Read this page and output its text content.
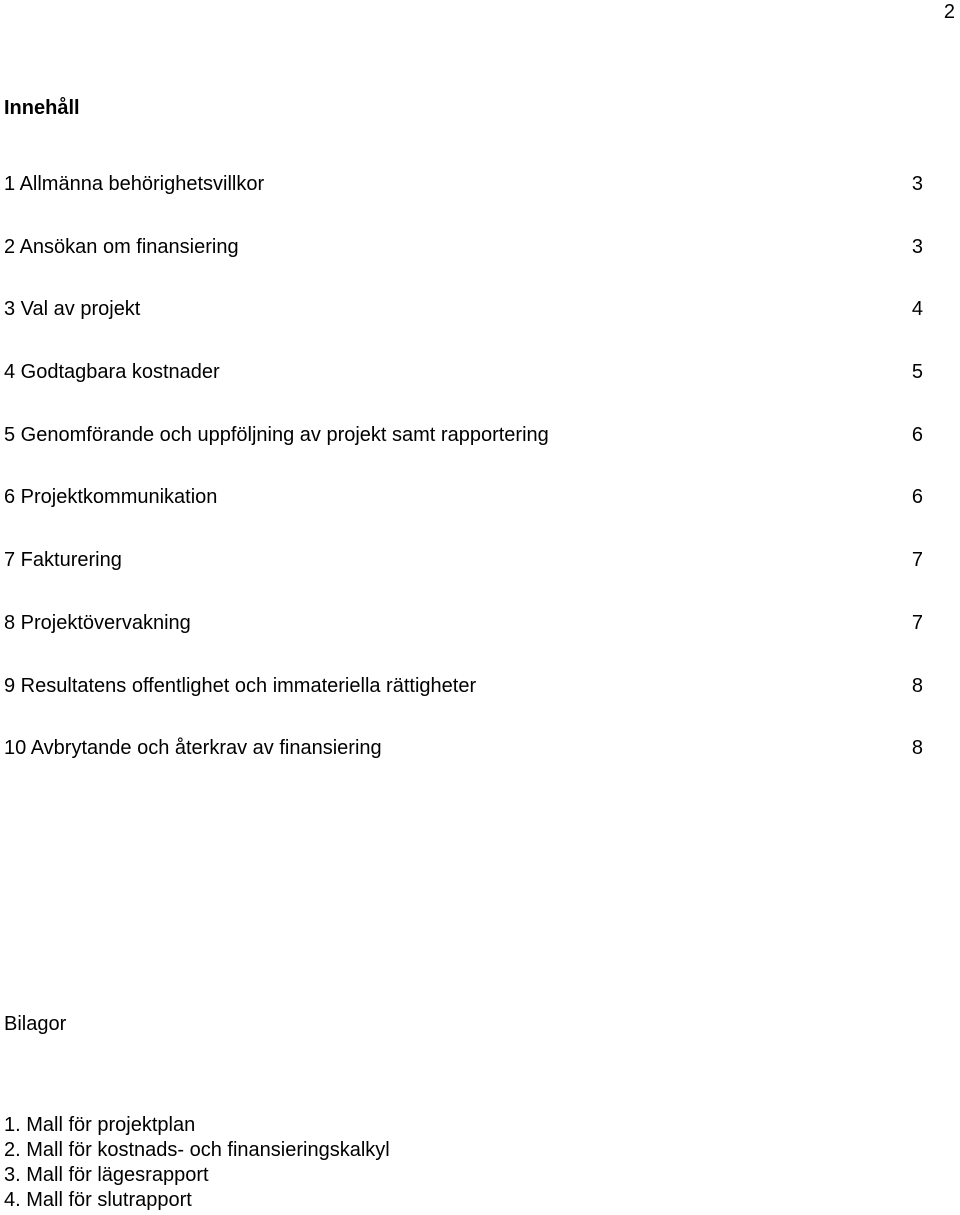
2
Innehåll
1 Allmänna behörighetsvillkor	3
2 Ansökan om finansiering	3
3 Val av projekt	4
4 Godtagbara kostnader	5
5 Genomförande och uppföljning av projekt samt rapportering	6
6 Projektkommunikation	6
7 Fakturering	7
8 Projektövervakning	7
9 Resultatens offentlighet och immateriella rättigheter	8
10 Avbrytande och återkrav av finansiering	8
Bilagor
1. Mall för projektplan
2. Mall för kostnads- och finansieringskalkyl
3. Mall för lägesrapport
4. Mall för slutrapport
